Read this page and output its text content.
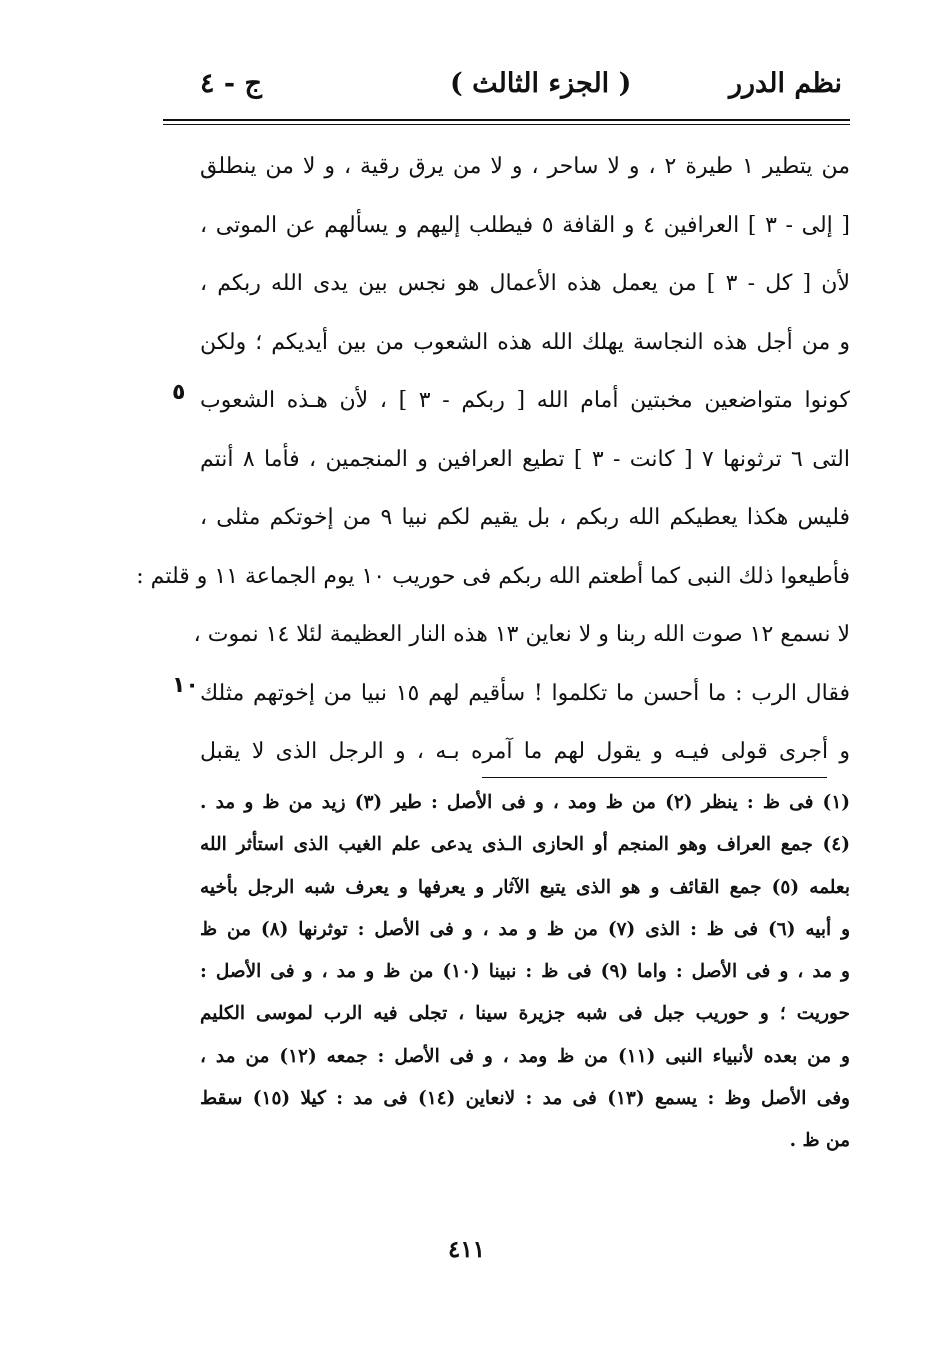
نظم الدرر
( الجزء الثالث )
ج - ٤
من يتطير ١ طيرة ٢ ، و لا ساحر ، و لا من يرق رقية ، و لا من ينطلق
[ إلى - ٣ ] العرافين ٤ و القافة ٥ فيطلب إليهم و يسألهم عن الموتى ،
لأن [ كل - ٣ ] من يعمل هذه الأعمال هو نجس بين يدى الله ربكم ،
و من أجل هذه النجاسة يهلك الله هذه الشعوب من بين أيديكم ؛ ولكن
كونوا متواضعين مخبتين أمام الله [ ربكم - ٣ ] ، لأن هـذه الشعوب
التى ٦ ترثونها ٧ [ كانت - ٣ ] تطيع العرافين و المنجمين ، فأما ٨ أنتم
فليس هكذا يعطيكم الله ربكم ، بل يقيم لكم نبيا ٩ من إخوتكم مثلى ،
فأطيعوا ذلك النبى كما أطعتم الله ربكم فى حوريب ١٠ يوم الجماعة ١١ و قلتم :
لا نسمع ١٢ صوت الله ربنا و لا نعاين ١٣ هذه النار العظيمة لئلا ١٤ نموت ،
فقال الرب : ما أحسن ما تكلموا ! سأقيم لهم ١٥ نبيا من إخوتهم مثلك
و أجرى قولى فيـه و يقول لهم ما آمره بـه ، و الرجل الذى لا يقبل
٥
١٠
(١) فى ظ : ينظر (٢) من ظ ومد ، و فى الأصل : طير (٣) زيد من ظ و مد .
(٤) جمع العراف وهو المنجم أو الحازى الـذى يدعى علم الغيب الذى استأثر الله
بعلمه (٥) جمع القائف و هو الذى يتبع الآثار و يعرفها و يعرف شبه الرجل بأخيه
و أبيه (٦) فى ظ : الذى (٧) من ظ و مد ، و فى الأصل : توثرنها (٨) من ظ
و مد ، و فى الأصل : واما (٩) فى ظ : نبينا (١٠) من ظ و مد ، و فى الأصل :
حوريت ؛ و حوريب جبل فى شبه جزيرة سينا ، تجلى فيه الرب لموسى الكليم
و من بعده لأنبياء النبى (١١) من ظ ومد ، و فى الأصل : جمعه (١٢) من مد ،
وفى الأصل وظ : يسمع (١٣) فى مد : لانعاين (١٤) فى مد : كيلا (١٥) سقط
من ظ .
٤١١
